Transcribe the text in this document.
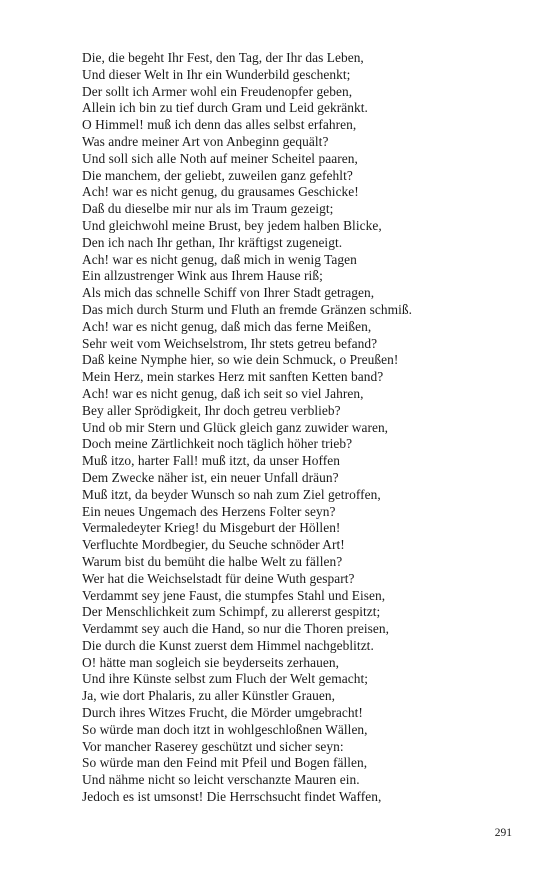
Die, die begeht Ihr Fest, den Tag, der Ihr das Leben,
Und dieser Welt in Ihr ein Wunderbild geschenkt;
Der sollt ich Armer wohl ein Freudenopfer geben,
Allein ich bin zu tief durch Gram und Leid gekränkt.
O Himmel! muß ich denn das alles selbst erfahren,
Was andre meiner Art von Anbeginn gequält?
Und soll sich alle Noth auf meiner Scheitel paaren,
Die manchem, der geliebt, zuweilen ganz gefehlt?
Ach! war es nicht genug, du grausames Geschicke!
Daß du dieselbe mir nur als im Traum gezeigt;
Und gleichwohl meine Brust, bey jedem halben Blicke,
Den ich nach Ihr gethan, Ihr kräftigst zugeneigt.
Ach! war es nicht genug, daß mich in wenig Tagen
Ein allzustrenger Wink aus Ihrem Hause riß;
Als mich das schnelle Schiff von Ihrer Stadt getragen,
Das mich durch Sturm und Fluth an fremde Gränzen schmiß.
Ach! war es nicht genug, daß mich das ferne Meißen,
Sehr weit vom Weichselstrom, Ihr stets getreu befand?
Daß keine Nymphe hier, so wie dein Schmuck, o Preußen!
Mein Herz, mein starkes Herz mit sanften Ketten band?
Ach! war es nicht genug, daß ich seit so viel Jahren,
Bey aller Sprödigkeit, Ihr doch getreu verblieb?
Und ob mir Stern und Glück gleich ganz zuwider waren,
Doch meine Zärtlichkeit noch täglich höher trieb?
Muß itzo, harter Fall! muß itzt, da unser Hoffen
Dem Zwecke näher ist, ein neuer Unfall dräun?
Muß itzt, da beyder Wunsch so nah zum Ziel getroffen,
Ein neues Ungemach des Herzens Folter seyn?
Vermaledeyter Krieg! du Misgeburt der Höllen!
Verfluchte Mordbegier, du Seuche schnöder Art!
Warum bist du bemüht die halbe Welt zu fällen?
Wer hat die Weichselstadt für deine Wuth gespart?
Verdammt sey jene Faust, die stumpfes Stahl und Eisen,
Der Menschlichkeit zum Schimpf, zu allererst gespitzt;
Verdammt sey auch die Hand, so nur die Thoren preisen,
Die durch die Kunst zuerst dem Himmel nachgeblitzt.
O! hätte man sogleich sie beyderseits zerhauen,
Und ihre Künste selbst zum Fluch der Welt gemacht;
Ja, wie dort Phalaris, zu aller Künstler Grauen,
Durch ihres Witzes Frucht, die Mörder umgebracht!
So würde man doch itzt in wohlgeschloßnen Wällen,
Vor mancher Raserey geschützt und sicher seyn:
So würde man den Feind mit Pfeil und Bogen fällen,
Und nähme nicht so leicht verschanzte Mauren ein.
Jedoch es ist umsonst! Die Herrschsucht findet Waffen,
291
